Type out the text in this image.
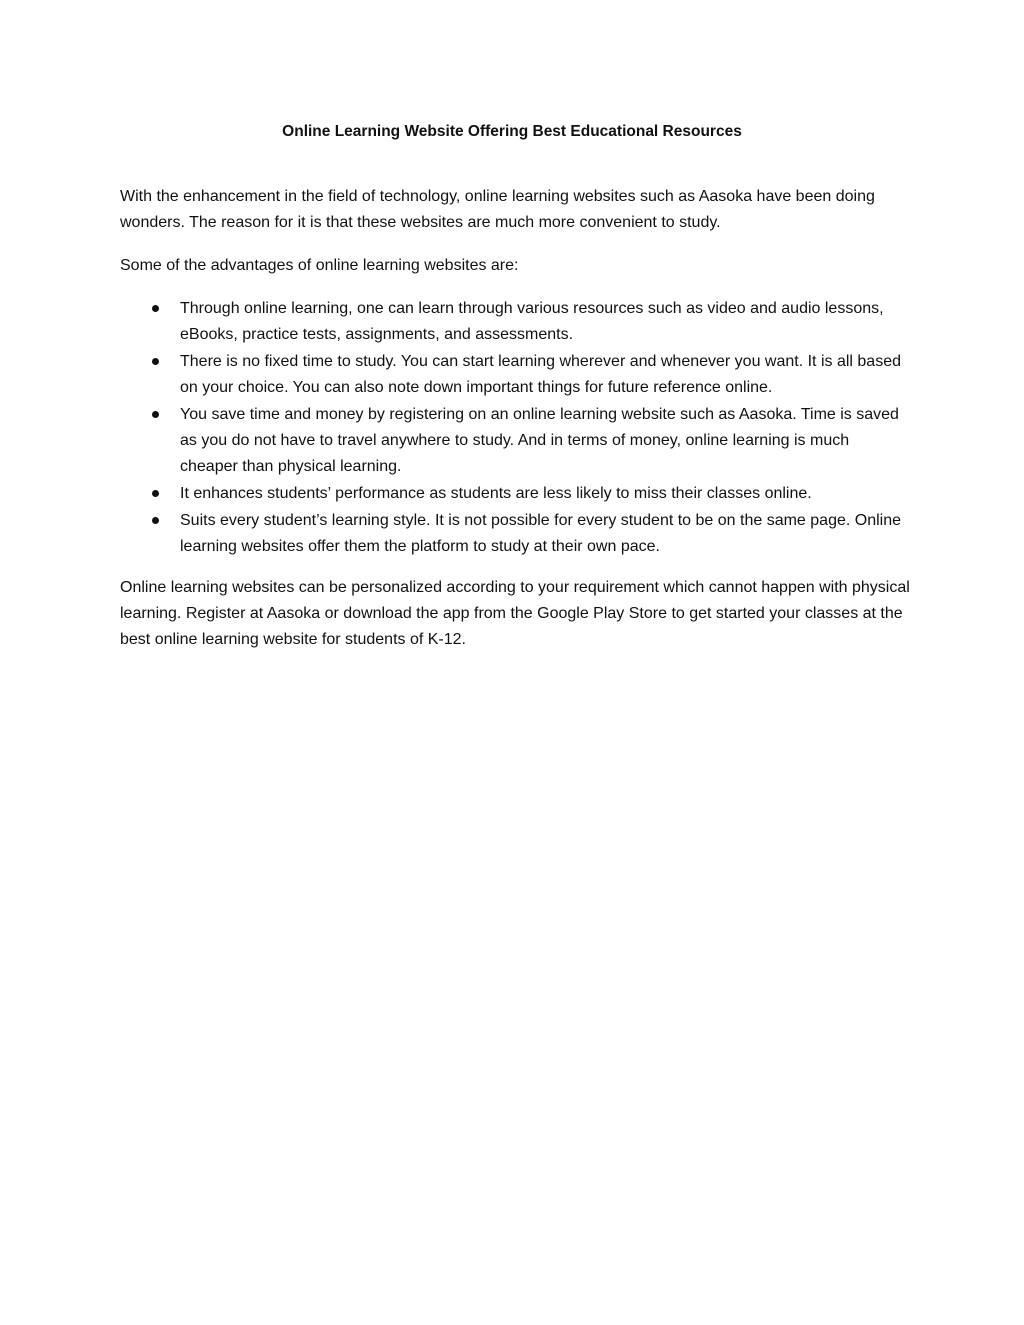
Online Learning Website Offering Best Educational Resources

With the enhancement in the field of technology, online learning websites such as Aasoka have been doing wonders. The reason for it is that these websites are much more convenient to study.

Some of the advantages of online learning websites are:

Through online learning, one can learn through various resources such as video and audio lessons, eBooks, practice tests, assignments, and assessments.
There is no fixed time to study. You can start learning wherever and whenever you want. It is all based on your choice. You can also note down important things for future reference online.
You save time and money by registering on an online learning website such as Aasoka. Time is saved as you do not have to travel anywhere to study. And in terms of money, online learning is much cheaper than physical learning.
It enhances students’ performance as students are less likely to miss their classes online.
Suits every student’s learning style. It is not possible for every student to be on the same page. Online learning websites offer them the platform to study at their own pace.

Online learning websites can be personalized according to your requirement which cannot happen with physical learning. Register at Aasoka or download the app from the Google Play Store to get started your classes at the best online learning website for students of K-12.
